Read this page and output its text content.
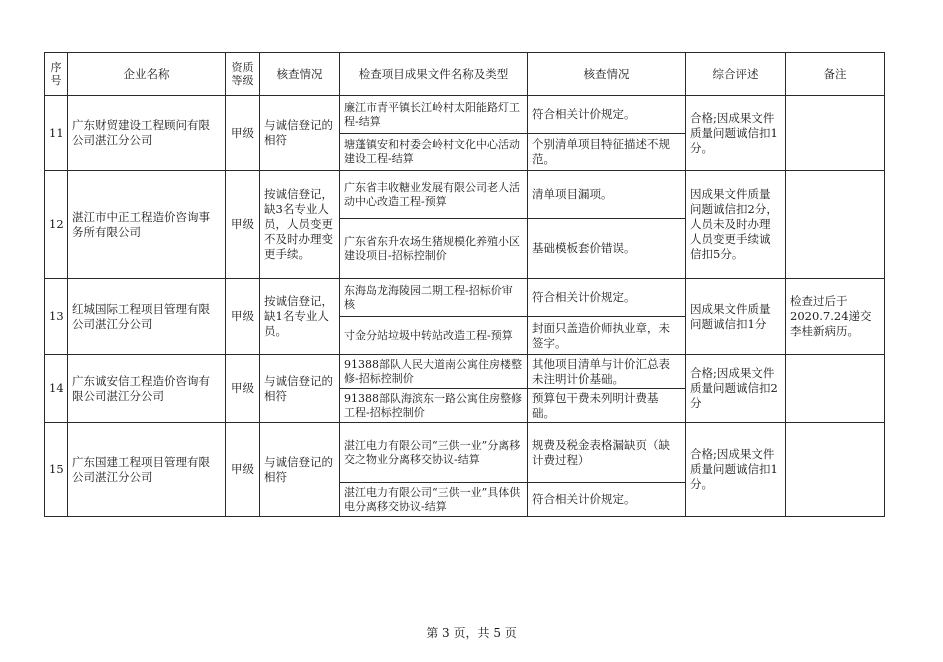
序号	企业名称	资质等级	核查情况	检查项目成果文件名称及类型	核查情况	综合评述	备注
11	广东财贸建设工程顾问有限公司湛江分公司	甲级	与诚信登记的相符	廉江市青平镇长江岭村太阳能路灯工程-结算	符合相关计价规定。	合格;因成果文件质量问题诚信扣1分。	
				塘蓬镇安和村委会岭村文化中心活动建设工程-结算	个别清单项目特征描述不规范。		
12	湛江市中正工程造价咨询事务所有限公司	甲级	按诚信登记，缺3名专业人员，人员变更不及时办理变更手续。	广东省丰收糖业发展有限公司老人活动中心改造工程-预算	清单项目漏项。	因成果文件质量问题诚信扣2分，人员未及时办理人员变更手续诚信扣5分。	
				广东省东升农场生猪规模化养殖小区建设项目-招标控制价	基础模板套价错误。		
13	红城国际工程项目管理有限公司湛江分公司	甲级	按诚信登记，缺1名专业人员。	东海岛龙海陵园二期工程-招标价审核	符合相关计价规定。	因成果文件质量问题诚信扣1分	检查过后于2020.7.24递交李桂新病历。
				寸金分站垃圾中转站改造工程-预算	封面只盖造价师执业章，未签字。		
14	广东诚安信工程造价咨询有限公司湛江分公司	甲级	与诚信登记的相符	91388部队人民大道南公寓住房楼整修-招标控制价	其他项目清单与计价汇总表未注明计价基础。	合格;因成果文件质量问题诚信扣2分	
				91388部队海滨东一路公寓住房整修工程-招标控制价	预算包干费未列明计费基础。		
15	广东国建工程项目管理有限公司湛江分公司	甲级	与诚信登记的相符	湛江电力有限公司“三供一业”分离移交之物业分离移交协议-结算	规费及税金表格漏缺页（缺计费过程）	合格;因成果文件质量问题诚信扣1分。	
				湛江电力有限公司“三供一业”具体供电分离移交协议-结算	符合相关计价规定。		
第 3 页，共 5 页
